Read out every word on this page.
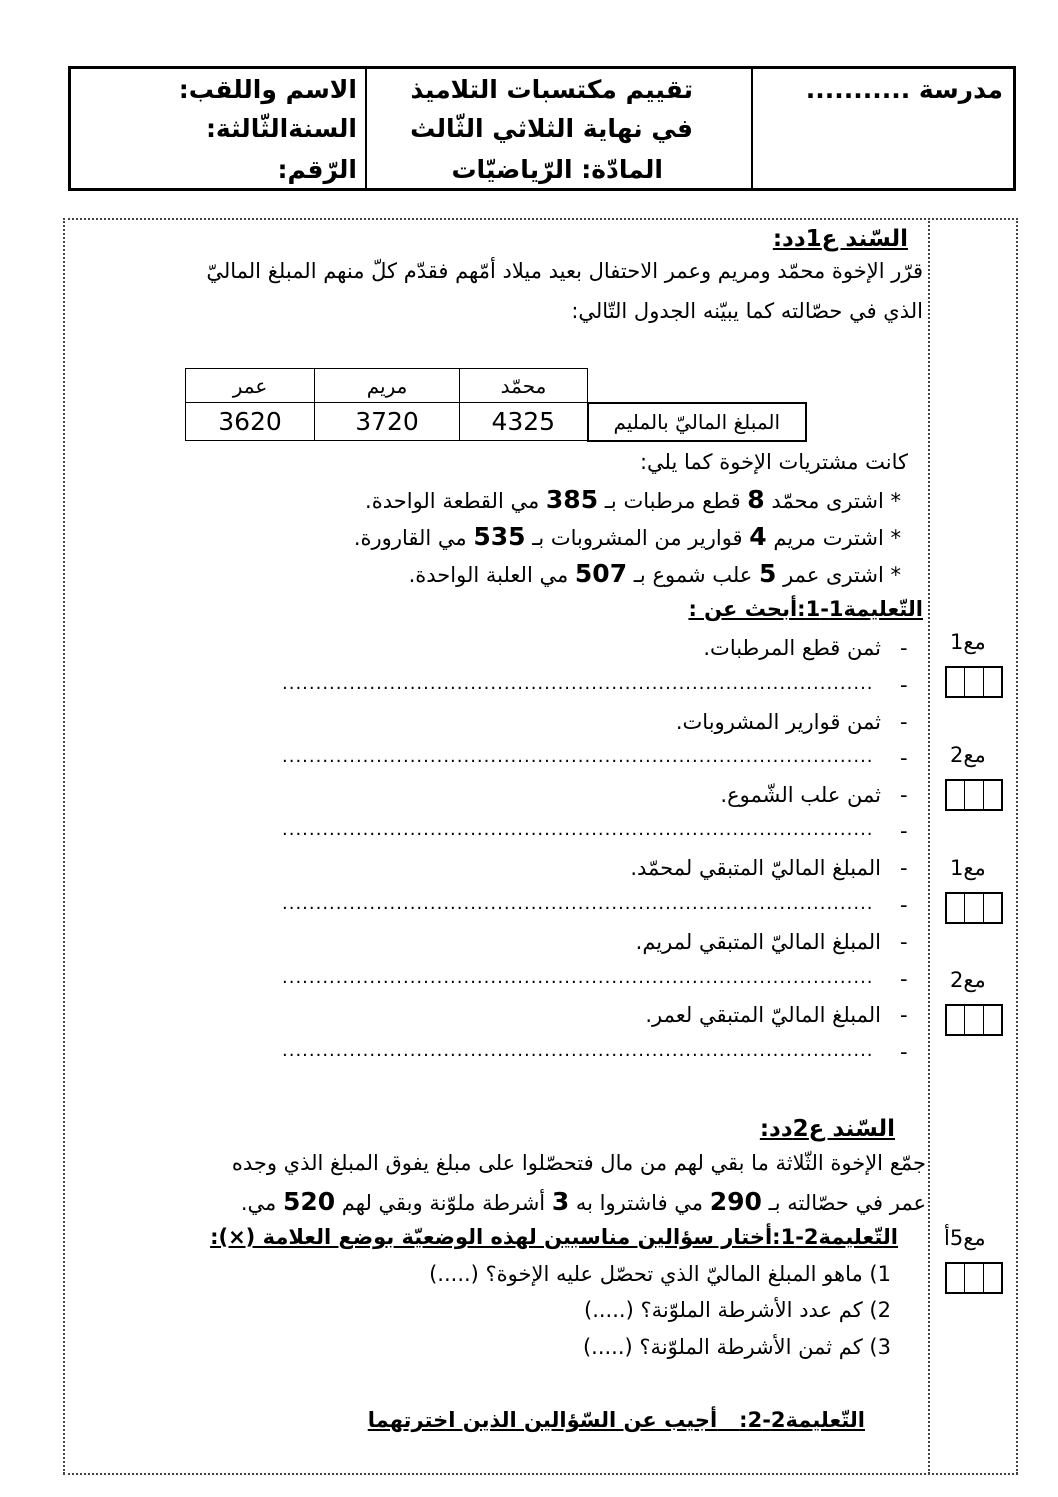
الاسم واللقب:
السنةالثّالثة:
الرّقم:
تقييم مكتسبات التلاميذ
في نهاية الثلاثي الثّالث
المادّة: الرّياضيّات
مدرسة ...........
السّند ع1دد:
قرّر الإخوة محمّد ومريم وعمر الاحتفال بعيد ميلاد أمّهم فقدّم كلّ منهم المبلغ الماليّ
الذي في حصّالته كما يبيّنه الجدول التّالي:
	محمّد	مريم	عمر
المبلغ الماليّ بالمليم	4325	3720	3620
كانت مشتريات الإخوة كما يلي:
* اشترى محمّد 8 قطع مرطبات بـ 385 مي القطعة الواحدة.
* اشترت مريم 4 قوارير من المشروبات بـ 535 مي القارورة.
* اشترى عمر 5 علب شموع بـ 507 مي العلبة الواحدة.
التّعليمة1-1:أبحث عن :
ثمن قطع المرطبات. -
........................................................................................ -
ثمن قوارير المشروبات. -
........................................................................................ -
ثمن علب الشّموع. -
........................................................................................ -
المبلغ الماليّ المتبقي لمحمّد. -
........................................................................................ -
المبلغ الماليّ المتبقي لمريم. -
........................................................................................ -
المبلغ الماليّ المتبقي لعمر. -
........................................................................................ -
السّند ع2دد:
جمّع الإخوة الثّلاثة ما بقي لهم من مال فتحصّلوا على مبلغ يفوق المبلغ الذي وجده
عمر في حصّالته بـ 290 مي فاشتروا به 3 أشرطة ملوّنة وبقي لهم 520 مي.
التّعليمة2-1:أختار سؤالين مناسبين لهذه الوضعيّة بوضع العلامة (×):
1) ماهو المبلغ الماليّ الذي تحصّل عليه الإخوة؟ (.....)
2) كم عدد الأشرطة الملوّنة؟ (.....)
3) كم ثمن الأشرطة الملوّنة؟ (.....)
التّعليمة2-2:   أجيب عن السّؤالين الذين اخترتهما
مع1
مع2
مع1
مع2
مع5أ
